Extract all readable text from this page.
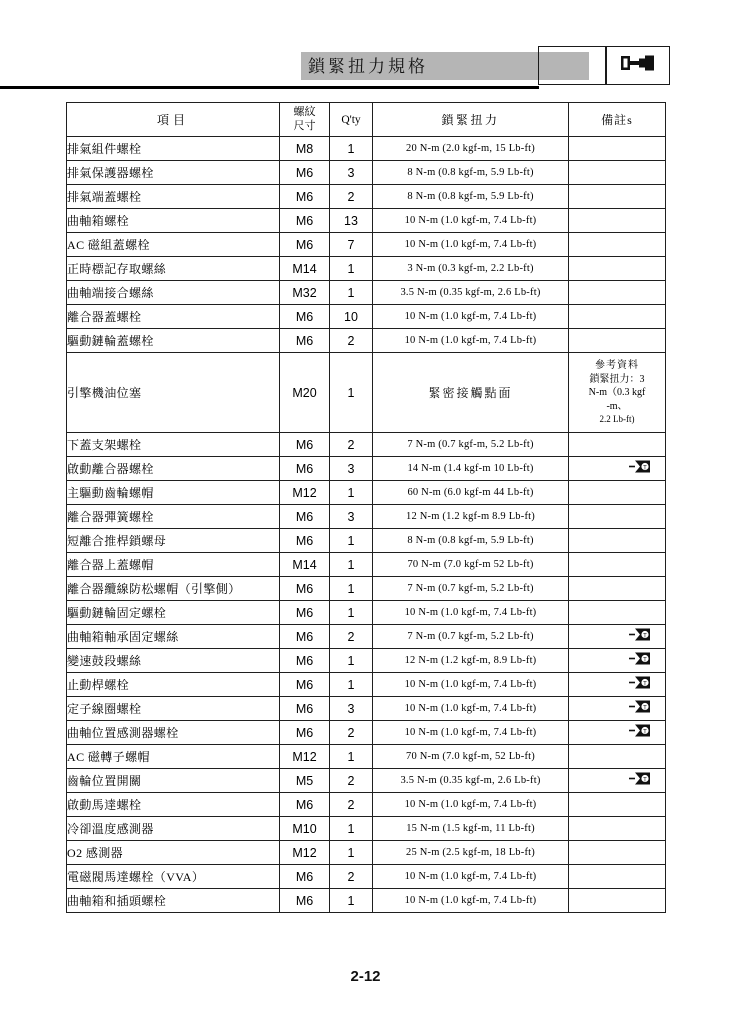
鎖緊扭力規格
項目	螺紋
尺寸	Q'ty	鎖緊扭力	備註s
排氣組件螺栓	M8	1	20 N-m (2.0 kgf-m, 15 Lb-ft)	
排氣保護器螺栓	M6	3	8 N-m (0.8 kgf-m, 5.9 Lb-ft)	
排氣端蓋螺栓	M6	2	8 N-m (0.8 kgf-m, 5.9 Lb-ft)	
曲軸箱螺栓	M6	13	10 N-m (1.0 kgf-m, 7.4 Lb-ft)	
AC 磁組蓋螺栓	M6	7	10 N-m (1.0 kgf-m, 7.4 Lb-ft)	
正時標記存取螺絲	M14	1	3 N-m (0.3 kgf-m, 2.2 Lb-ft)	
曲軸端接合螺絲	M32	1	3.5 N-m (0.35 kgf-m, 2.6 Lb-ft)	
離合器蓋螺栓	M6	10	10 N-m (1.0 kgf-m, 7.4 Lb-ft)	
驅動鏈輪蓋螺栓	M6	2	10 N-m (1.0 kgf-m, 7.4 Lb-ft)	
引擎機油位塞	M20	1	緊密接觸點面	參考資料
鎖緊扭力：3
N-m（0.3 kgf
-m、
2.2 Lb-ft)

下蓋支架螺栓	M6	2	7 N-m (0.7 kgf-m, 5.2 Lb-ft)	
啟動離合器螺栓	M6	3	14 N-m (1.4 kgf-m 10 Lb-ft)	T

主驅動齒輪螺帽	M12	1	60 N-m (6.0 kgf-m 44 Lb-ft)	
離合器彈簧螺栓	M6	3	12 N-m (1.2 kgf-m 8.9 Lb-ft)	
短離合推桿鎖螺母	M6	1	8 N-m (0.8 kgf-m, 5.9 Lb-ft)	
離合器上蓋螺帽	M14	1	70 N-m (7.0 kgf-m 52 Lb-ft)	
離合器纜線防松螺帽（引擎側）	M6	1	7 N-m (0.7 kgf-m, 5.2 Lb-ft)	
驅動鏈輪固定螺栓	M6	1	10 N-m (1.0 kgf-m, 7.4 Lb-ft)	
曲軸箱軸承固定螺絲	M6	2	7 N-m (0.7 kgf-m, 5.2 Lb-ft)	T

變速鼓段螺絲	M6	1	12 N-m (1.2 kgf-m, 8.9 Lb-ft)	T

止動桿螺栓	M6	1	10 N-m (1.0 kgf-m, 7.4 Lb-ft)	T

定子線圈螺栓	M6	3	10 N-m (1.0 kgf-m, 7.4 Lb-ft)	T

曲軸位置感測器螺栓	M6	2	10 N-m (1.0 kgf-m, 7.4 Lb-ft)	T

AC 磁轉子螺帽	M12	1	70 N-m (7.0 kgf-m, 52 Lb-ft)	
齒輪位置開關	M5	2	3.5 N-m (0.35 kgf-m, 2.6 Lb-ft)	T

啟動馬達螺栓	M6	2	10 N-m (1.0 kgf-m, 7.4 Lb-ft)	
冷卻溫度感測器	M10	1	15 N-m (1.5 kgf-m, 11 Lb-ft)	
O2 感測器	M12	1	25 N-m (2.5 kgf-m, 18 Lb-ft)	
電磁閥馬達螺栓（VVA）	M6	2	10 N-m (1.0 kgf-m, 7.4 Lb-ft)	
曲軸箱和插頭螺栓	M6	1	10 N-m (1.0 kgf-m, 7.4 Lb-ft)	
2-12
